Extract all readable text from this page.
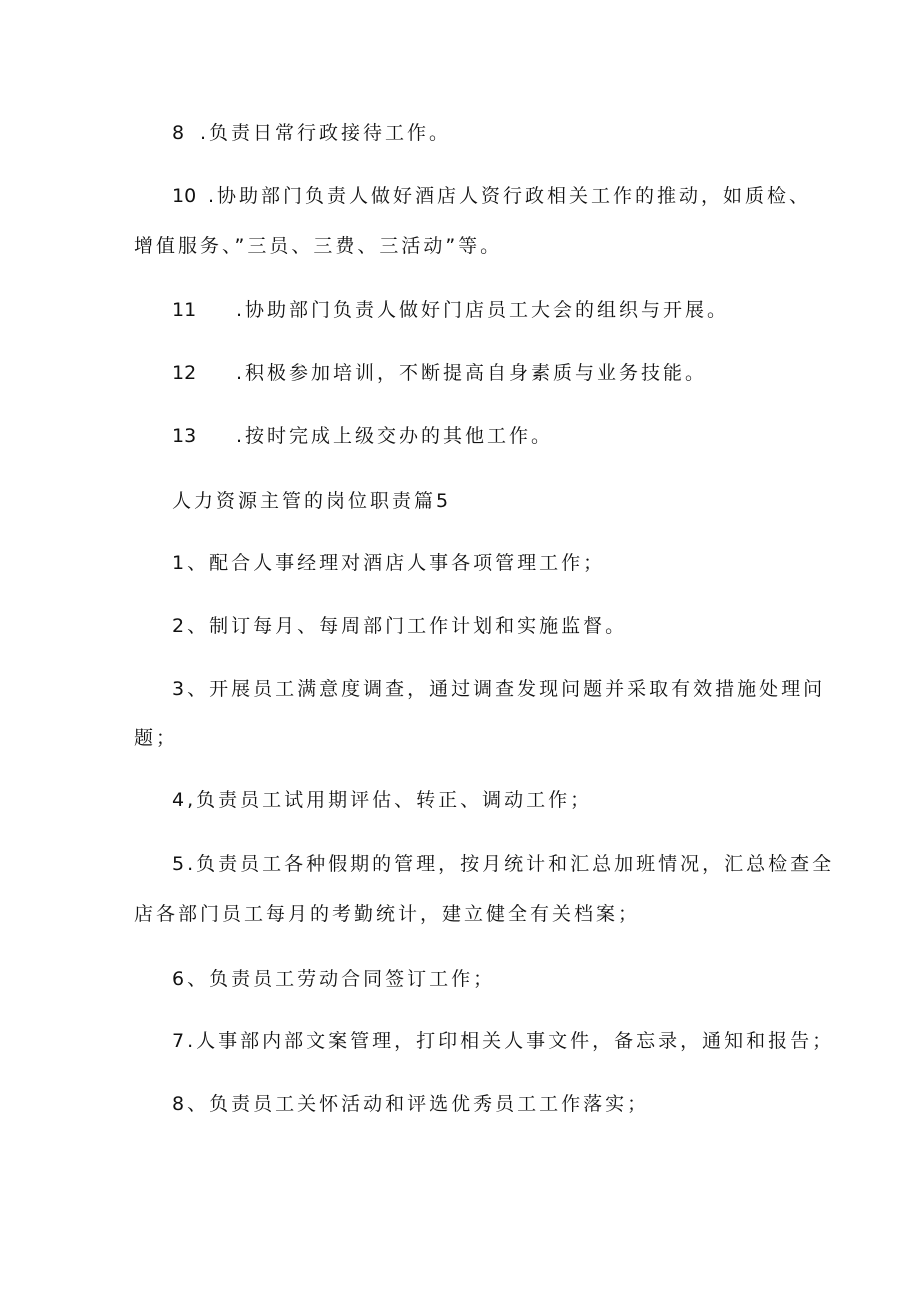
8 .负责日常行政接待工作。
10 .协助部门负责人做好酒店人资行政相关工作的推动，如质检、
增值服务、”三员、三费、三活动”等。
11 .协助部门负责人做好门店员工大会的组织与开展。
12 .积极参加培训，不断提高自身素质与业务技能。
13 .按时完成上级交办的其他工作。
人力资源主管的岗位职责篇5
1、配合人事经理对酒店人事各项管理工作；
2、制订每月、每周部门工作计划和实施监督。
3、开展员工满意度调查，通过调查发现问题并采取有效措施处理问
题；
4,负责员工试用期评估、转正、调动工作；
5.负责员工各种假期的管理，按月统计和汇总加班情况，汇总检查全
店各部门员工每月的考勤统计，建立健全有关档案；
6、负责员工劳动合同签订工作；
7.人事部内部文案管理，打印相关人事文件，备忘录，通知和报告；
8、负责员工关怀活动和评选优秀员工工作落实；
